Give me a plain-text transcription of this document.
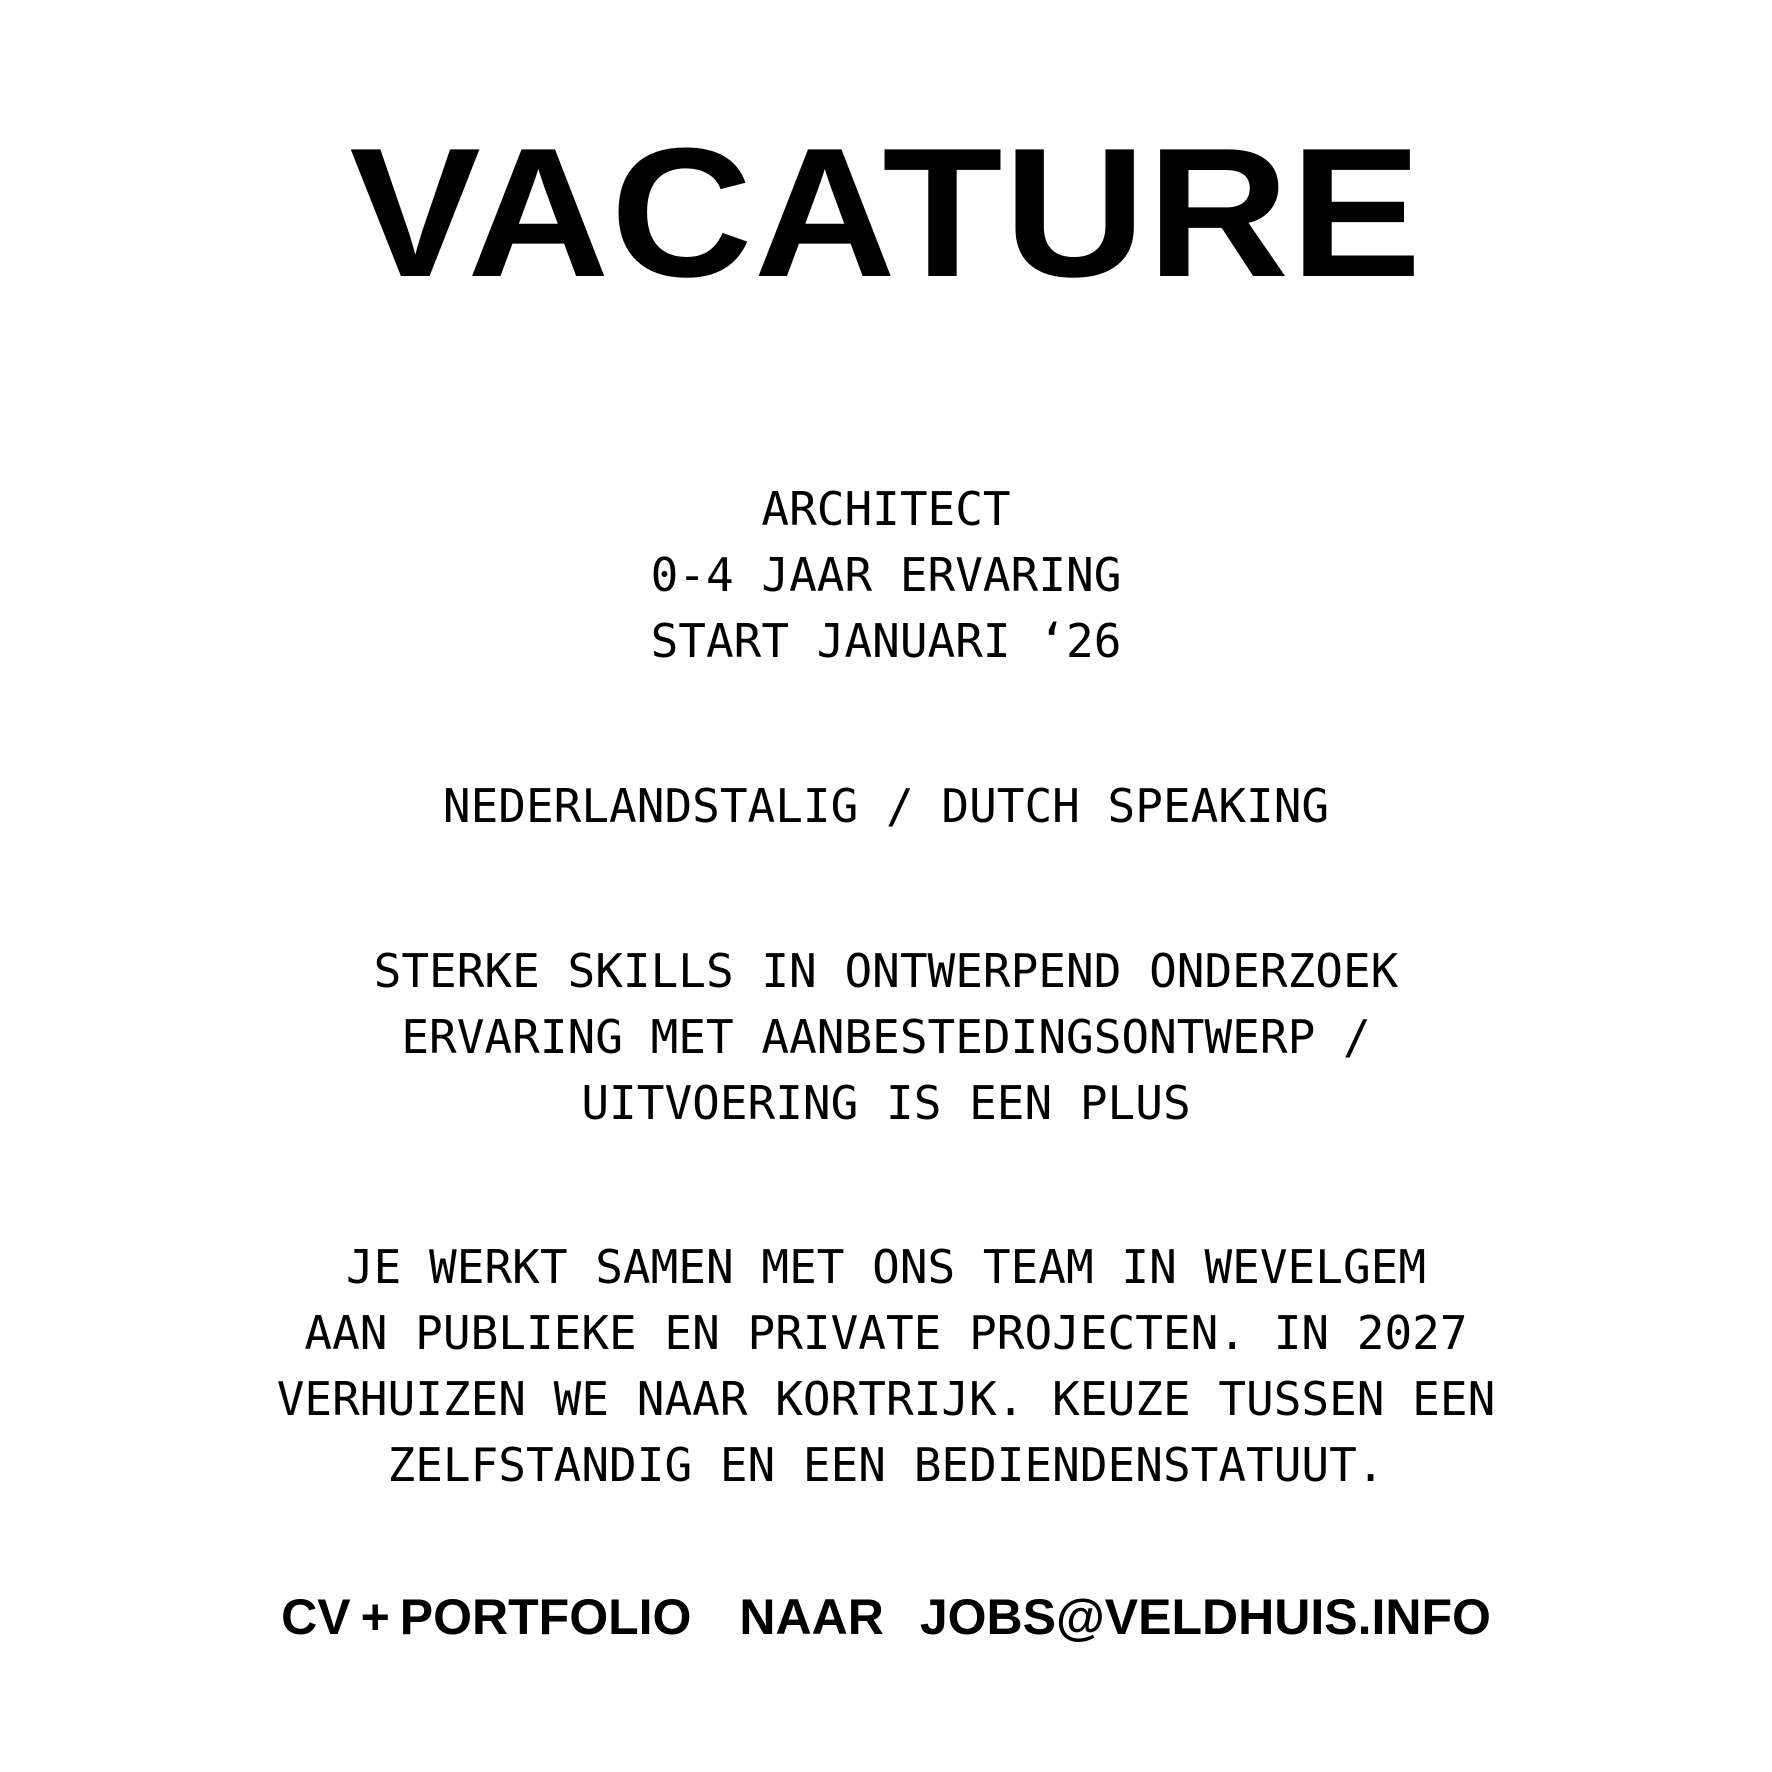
VACATURE
ARCHITECT
0-4 JAAR ERVARING
START JANUARI ‘26
NEDERLANDSTALIG / DUTCH SPEAKING
STERKE SKILLS IN ONTWERPEND ONDERZOEK
ERVARING MET AANBESTEDINGSONTWERP /
UITVOERING IS EEN PLUS
JE WERKT SAMEN MET ONS TEAM IN WEVELGEM
AAN PUBLIEKE EN PRIVATE PROJECTEN. IN 2027
VERHUIZEN WE NAAR KORTRIJK. KEUZE TUSSEN EEN
ZELFSTANDIG EN EEN BEDIENDENSTATUUT.
CV + PORTFOLIO NAAR JOBS@VELDHUIS.INFO
